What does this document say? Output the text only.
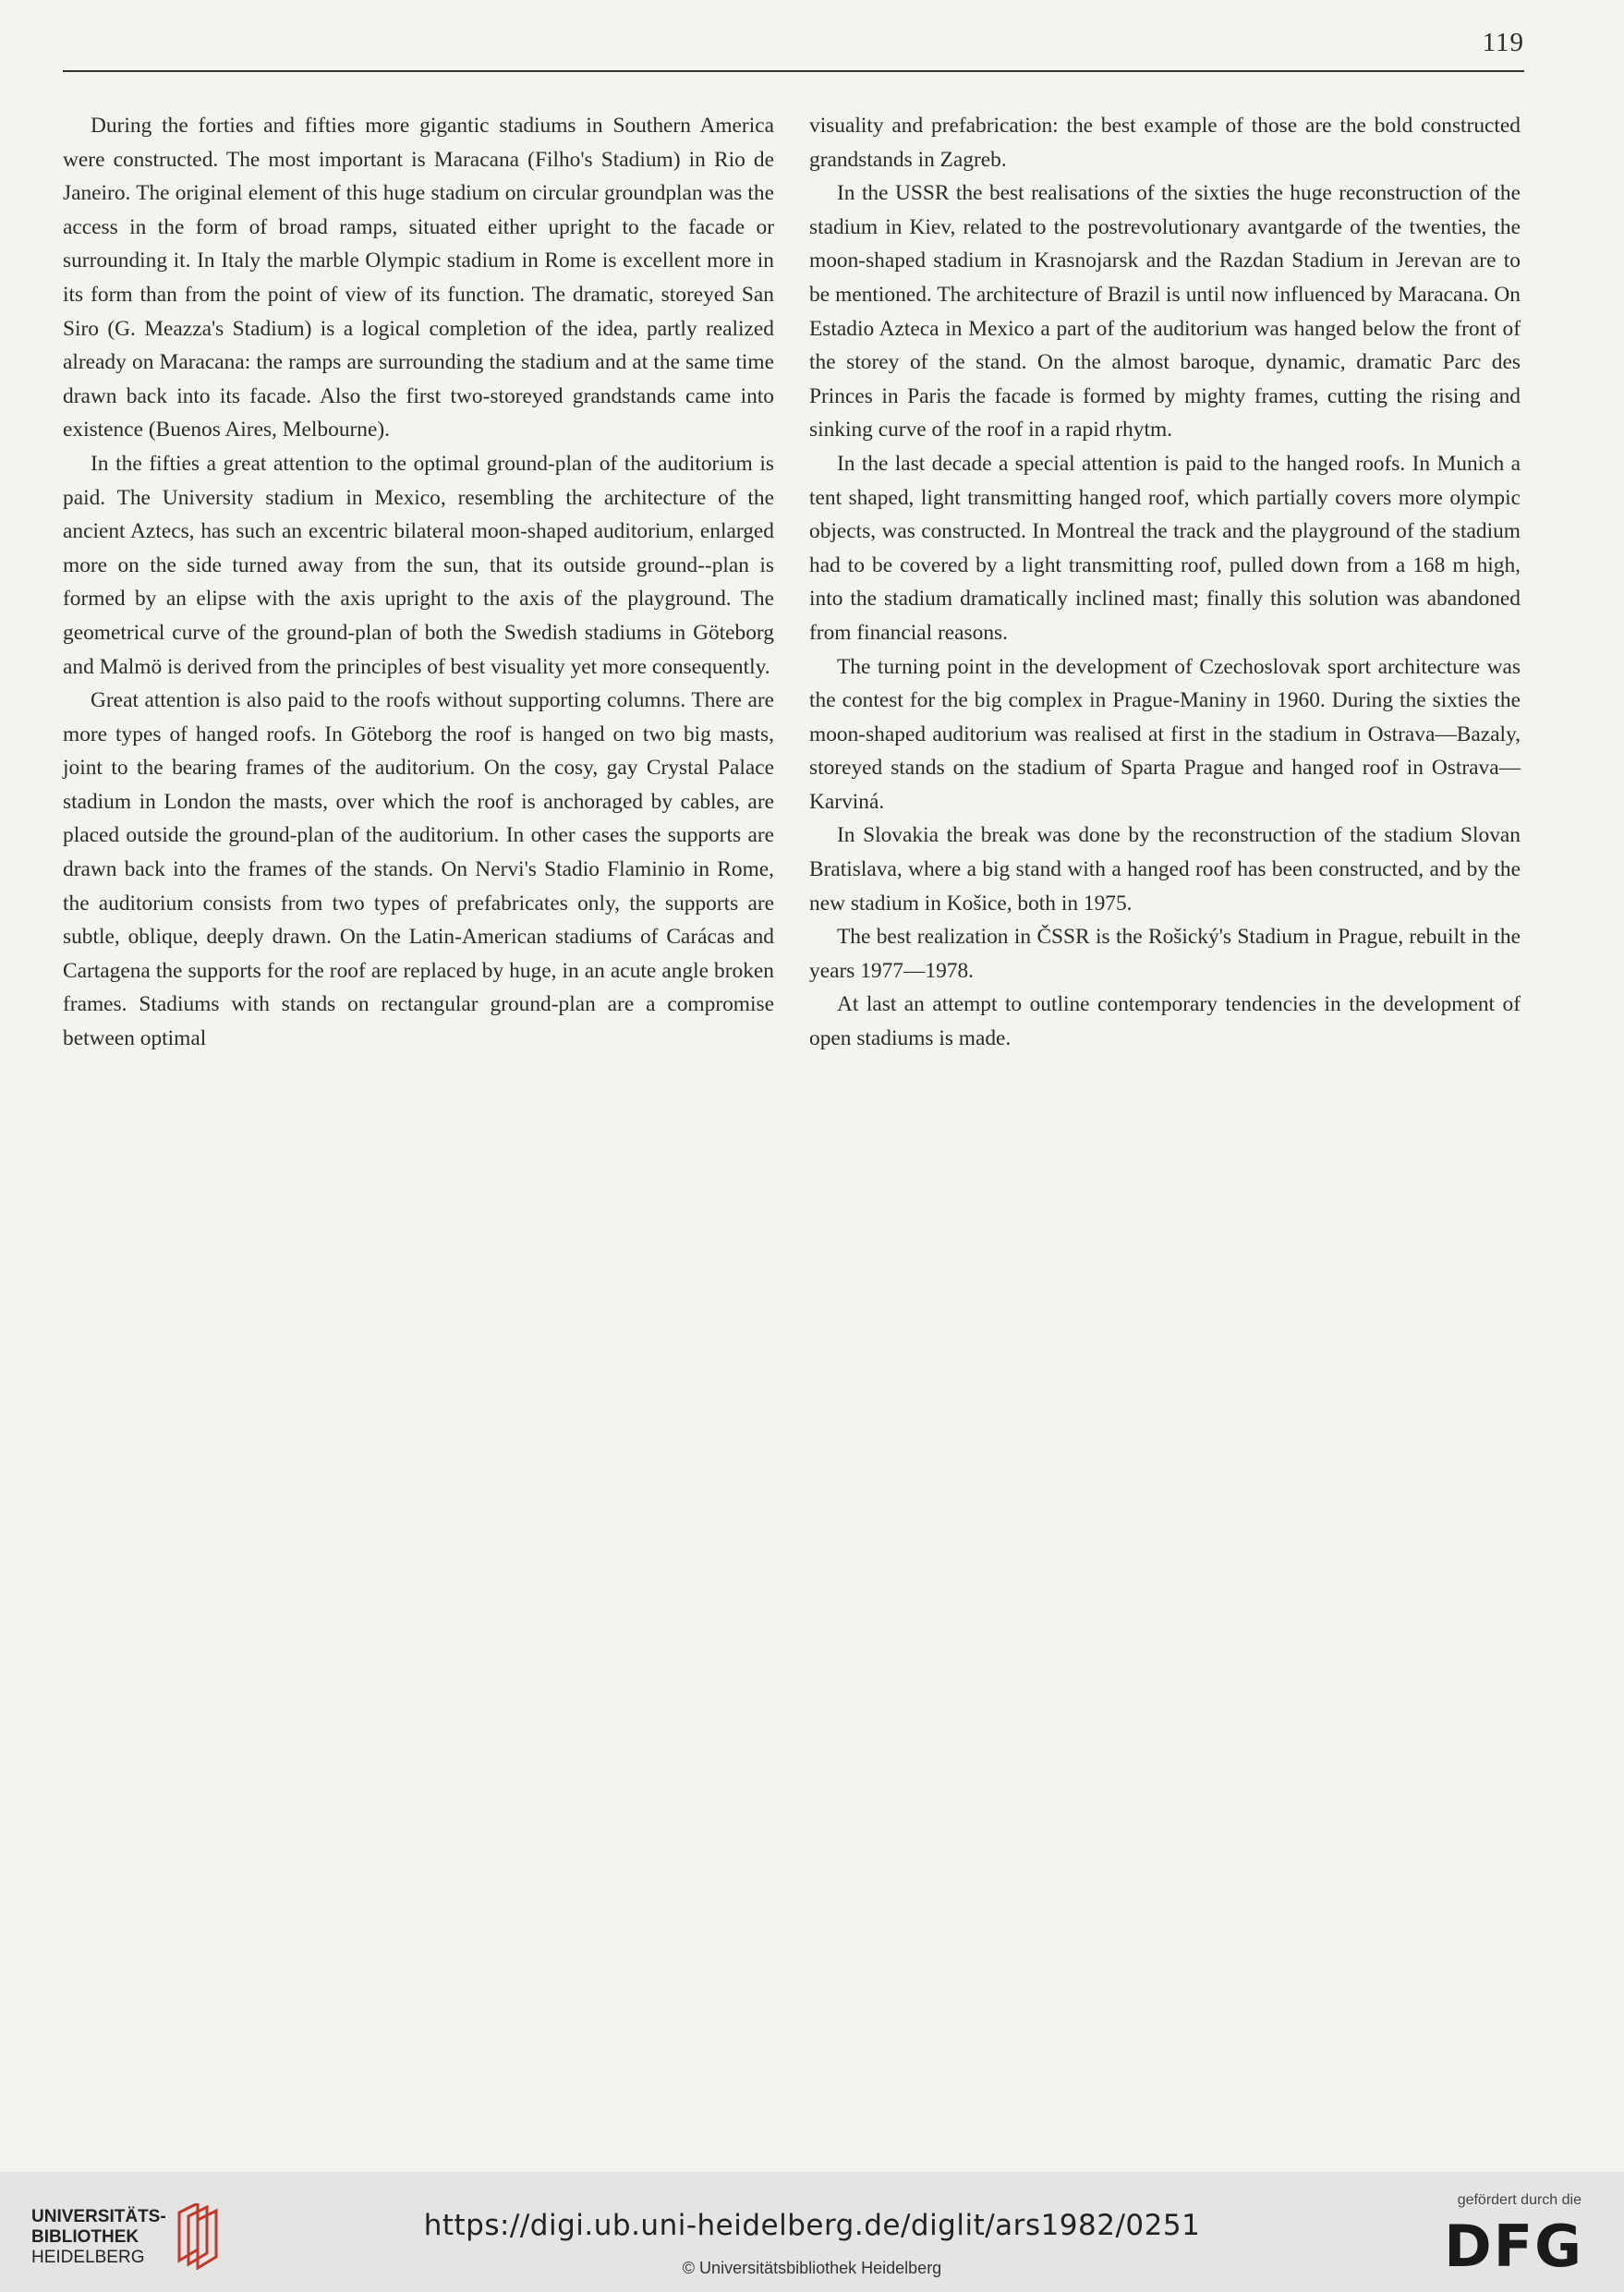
119

During the forties and fifties more gigantic stadiums in Southern America were constructed. The most important is Maracana (Filho's Stadium) in Rio de Janeiro. The original element of this huge stadium on circular groundplan was the access in the form of broad ramps, situated either upright to the facade or surrounding it. In Italy the marble Olympic stadium in Rome is excellent more in its form than from the point of view of its function. The dramatic, storeyed San Siro (G. Meazza's Stadium) is a logical completion of the idea, partly realized already on Maracana: the ramps are surrounding the stadium and at the same time drawn back into its facade. Also the first two-storeyed grandstands came into existence (Buenos Aires, Melbourne).

In the fifties a great attention to the optimal ground-plan of the auditorium is paid. The University stadium in Mexico, resembling the architecture of the ancient Aztecs, has such an excentric bilateral moon-shaped auditorium, enlarged more on the side turned away from the sun, that its outside ground--plan is formed by an elipse with the axis upright to the axis of the playground. The geometrical curve of the ground-plan of both the Swedish stadiums in Göteborg and Malmö is derived from the principles of best visuality yet more consequently.

Great attention is also paid to the roofs without supporting columns. There are more types of hanged roofs. In Göteborg the roof is hanged on two big masts, joint to the bearing frames of the auditorium. On the cosy, gay Crystal Palace stadium in London the masts, over which the roof is anchoraged by cables, are placed outside the ground-plan of the auditorium. In other cases the supports are drawn back into the frames of the stands. On Nervi's Stadio Flaminio in Rome, the auditorium consists from two types of prefabricates only, the supports are subtle, oblique, deeply drawn. On the Latin-American stadiums of Carácas and Cartagena the supports for the roof are replaced by huge, in an acute angle broken frames. Stadiums with stands on rectangular ground-plan are a compromise between optimal

visuality and prefabrication: the best example of those are the bold constructed grandstands in Zagreb.

In the USSR the best realisations of the sixties the huge reconstruction of the stadium in Kiev, related to the postrevolutionary avantgarde of the twenties, the moon-shaped stadium in Krasnojarsk and the Razdan Stadium in Jerevan are to be mentioned. The architecture of Brazil is until now influenced by Maracana. On Estadio Azteca in Mexico a part of the auditorium was hanged below the front of the storey of the stand. On the almost baroque, dynamic, dramatic Parc des Princes in Paris the facade is formed by mighty frames, cutting the rising and sinking curve of the roof in a rapid rhytm.

In the last decade a special attention is paid to the hanged roofs. In Munich a tent shaped, light transmitting hanged roof, which partially covers more olympic objects, was constructed. In Montreal the track and the playground of the stadium had to be covered by a light transmitting roof, pulled down from a 168 m high, into the stadium dramatically inclined mast; finally this solution was abandoned from financial reasons.

The turning point in the development of Czechoslovak sport architecture was the contest for the big complex in Prague-Maniny in 1960. During the sixties the moon-shaped auditorium was realised at first in the stadium in Ostrava—Bazaly, storeyed stands on the stadium of Sparta Prague and hanged roof in Ostrava—Karviná.

In Slovakia the break was done by the reconstruction of the stadium Slovan Bratislava, where a big stand with a hanged roof has been constructed, and by the new stadium in Košice, both in 1975.

The best realization in ČSSR is the Rošický's Stadium in Prague, rebuilt in the years 1977—1978.

At last an attempt to outline contemporary tendencies in the development of open stadiums is made.

UNIVERSITÄTS-
BIBLIOTHEK
HEIDELBERG
https://digi.ub.uni-heidelberg.de/diglit/ars1982/0251
© Universitätsbibliothek Heidelberg
gefördert durch die
DFG
